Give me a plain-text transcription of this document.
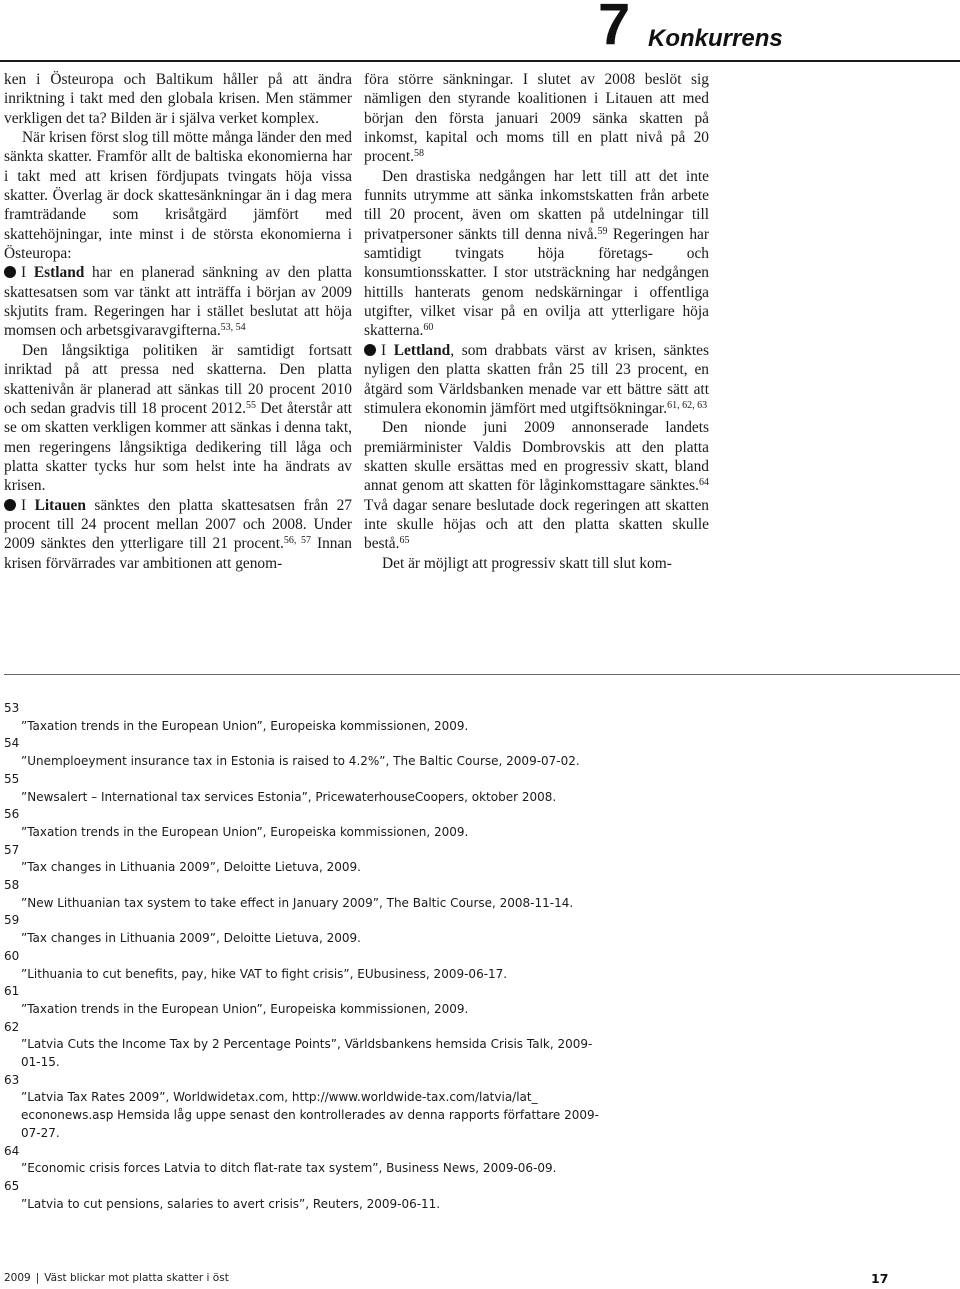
7 Konkurrens

ken i Östeuropa och Baltikum håller på att ändra inriktning i takt med den globala krisen. Men stämmer verkligen det ta? Bilden är i själva verket komplex.

När krisen först slog till mötte många länder den med sänkta skatter. Framför allt de baltiska ekonomierna har i takt med att krisen fördjupats tvingats höja vissa skatter. Överlag är dock skattesänkningar än i dag mera framträdande som krisåtgärd jämfört med skattehöjningar, inte minst i de största ekonomierna i Östeuropa:

I Estland har en planerad sänkning av den platta skattesatsen som var tänkt att inträffa i början av 2009 skjutits fram. Regeringen har i stället beslutat att höja momsen och arbetsgivaravgifterna.$^{53, 54}$

Den långsiktiga politiken är samtidigt fortsatt inriktad på att pressa ned skatterna. Den platta skattenivån är planerad att sänkas till 20 procent 2010 och sedan gradvis till 18 procent 2012.55 Det återstår att se om skatten verkligen kommer att sänkas i denna takt, men regeringens långsiktiga dedikering till låga och platta skatter tycks hur som helst inte ha ändrats av krisen.

I Litauen sänktes den platta skattesatsen från 27 procent till 24 procent mellan 2007 och 2008. Under 2009 sänktes den ytterligare till 21 procent.$^{56, 57}$ Innan krisen förvärrades var ambitionen att genom-

föra större sänkningar. I slutet av 2008 beslöt sig nämligen den styrande koalitionen i Litauen att med början den första januari 2009 sänka skatten på inkomst, kapital och moms till en platt nivå på 20 procent.$^{58}$

Den drastiska nedgången har lett till att det inte funnits utrymme att sänka inkomstskatten från arbete till 20 procent, även om skatten på utdelningar till privatpersoner sänkts till denna nivå.$^{59}$ Regeringen har samtidigt tvingats höja företags- och konsumtionsskatter. I stor utsträckning har nedgången hittills hanterats genom nedskärningar i offentliga utgifter, vilket visar på en ovilja att ytterligare höja skatterna.$^{60}$

I Lettland, som drabbats värst av krisen, sänktes nyligen den platta skatten från 25 till 23 procent, en åtgärd som Världsbanken menade var ett bättre sätt att stimulera ekonomin jämfört med utgiftsökningar.$^{61, 62, 63}$

Den nionde juni 2009 annonserade landets premiärminister Valdis Dombrovskis att den platta skatten skulle ersättas med en progressiv skatt, bland annat genom att skatten för låginkomsttagare sänktes.$^{64}$ Två dagar senare beslutade dock regeringen att skatten inte skulle höjas och att den platta skatten skulle bestå.$^{65}$

Det är möjligt att progressiv skatt till slut kom-

53
”Taxation trends in the European Union”, Europeiska kommissionen, 2009.
54
”Unemploeyment insurance tax in Estonia is raised to 4.2%”, The Baltic Course, 2009-07-02.
55
”Newsalert – International tax services Estonia”, PricewaterhouseCoopers, oktober 2008.
56
”Taxation trends in the European Union”, Europeiska kommissionen, 2009.
57
”Tax changes in Lithuania 2009”, Deloitte Lietuva, 2009.
58
”New Lithuanian tax system to take effect in January 2009”, The Baltic Course, 2008-11-14.
59
”Tax changes in Lithuania 2009”, Deloitte Lietuva, 2009.
60
”Lithuania to cut benefits, pay, hike VAT to fight crisis”, EUbusiness, 2009-06-17.
61
”Taxation trends in the European Union”, Europeiska kommissionen, 2009.
62
”Latvia Cuts the Income Tax by 2 Percentage Points”, Världsbankens hemsida Crisis Talk, 2009-01-15.
63
”Latvia Tax Rates 2009”, Worldwidetax.com, http://www.worldwide-tax.com/latvia/lat_ econonews.asp Hemsida låg uppe senast den kontrollerades av denna rapports författare 2009-07-27.
64
”Economic crisis forces Latvia to ditch flat-rate tax system”, Business News, 2009-06-09.
65
”Latvia to cut pensions, salaries to avert crisis”, Reuters, 2009-06-11.
2009 | Väst blickar mot platta skatter i öst	17
